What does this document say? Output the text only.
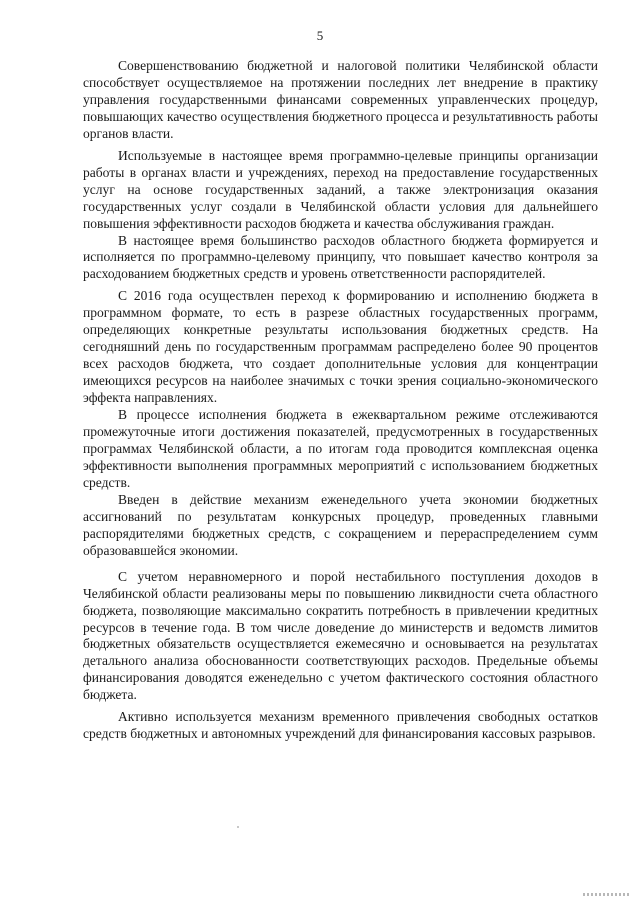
5

Совершенствованию бюджетной и налоговой политики Челябинской области способствует осуществляемое на протяжении последних лет внедрение в практику управления государственными финансами современных управленческих процедур, повышающих качество осуществления бюджетного процесса и результативность работы органов власти.

Используемые в настоящее время программно-целевые принципы организации работы в органах власти и учреждениях, переход на предоставление государственных услуг на основе государственных заданий, а также электронизация оказания государственных услуг создали в Челябинской области условия для дальнейшего повышения эффективности расходов бюджета и качества обслуживания граждан.

В настоящее время большинство расходов областного бюджета формируется и исполняется по программно-целевому принципу, что повышает качество контроля за расходованием бюджетных средств и уровень ответственности распорядителей.

С 2016 года осуществлен переход к формированию и исполнению бюджета в программном формате, то есть в разрезе областных государственных программ, определяющих конкретные результаты использования бюджетных средств. На сегодняшний день по государственным программам распределено более 90 процентов всех расходов бюджета, что создает дополнительные условия для концентрации имеющихся ресурсов на наиболее значимых с точки зрения социально-экономического эффекта направлениях.

В процессе исполнения бюджета в ежеквартальном режиме отслеживаются промежуточные итоги достижения показателей, предусмотренных в государственных программах Челябинской области, а по итогам года проводится комплексная оценка эффективности выполнения программных мероприятий с использованием бюджетных средств.

Введен в действие механизм еженедельного учета экономии бюджетных ассигнований по результатам конкурсных процедур, проведенных главными распорядителями бюджетных средств, с сокращением и перераспределением сумм образовавшейся экономии.

С учетом неравномерного и порой нестабильного поступления доходов в Челябинской области реализованы меры по повышению ликвидности счета областного бюджета, позволяющие максимально сократить потребность в привлечении кредитных ресурсов в течение года. В том числе доведение до министерств и ведомств лимитов бюджетных обязательств осуществляется ежемесячно и основывается на результатах детального анализа обоснованности соответствующих расходов. Предельные объемы финансирования доводятся еженедельно с учетом фактического состояния областного бюджета.

Активно используется механизм временного привлечения свободных остатков средств бюджетных и автономных учреждений для финансирования кассовых разрывов.
